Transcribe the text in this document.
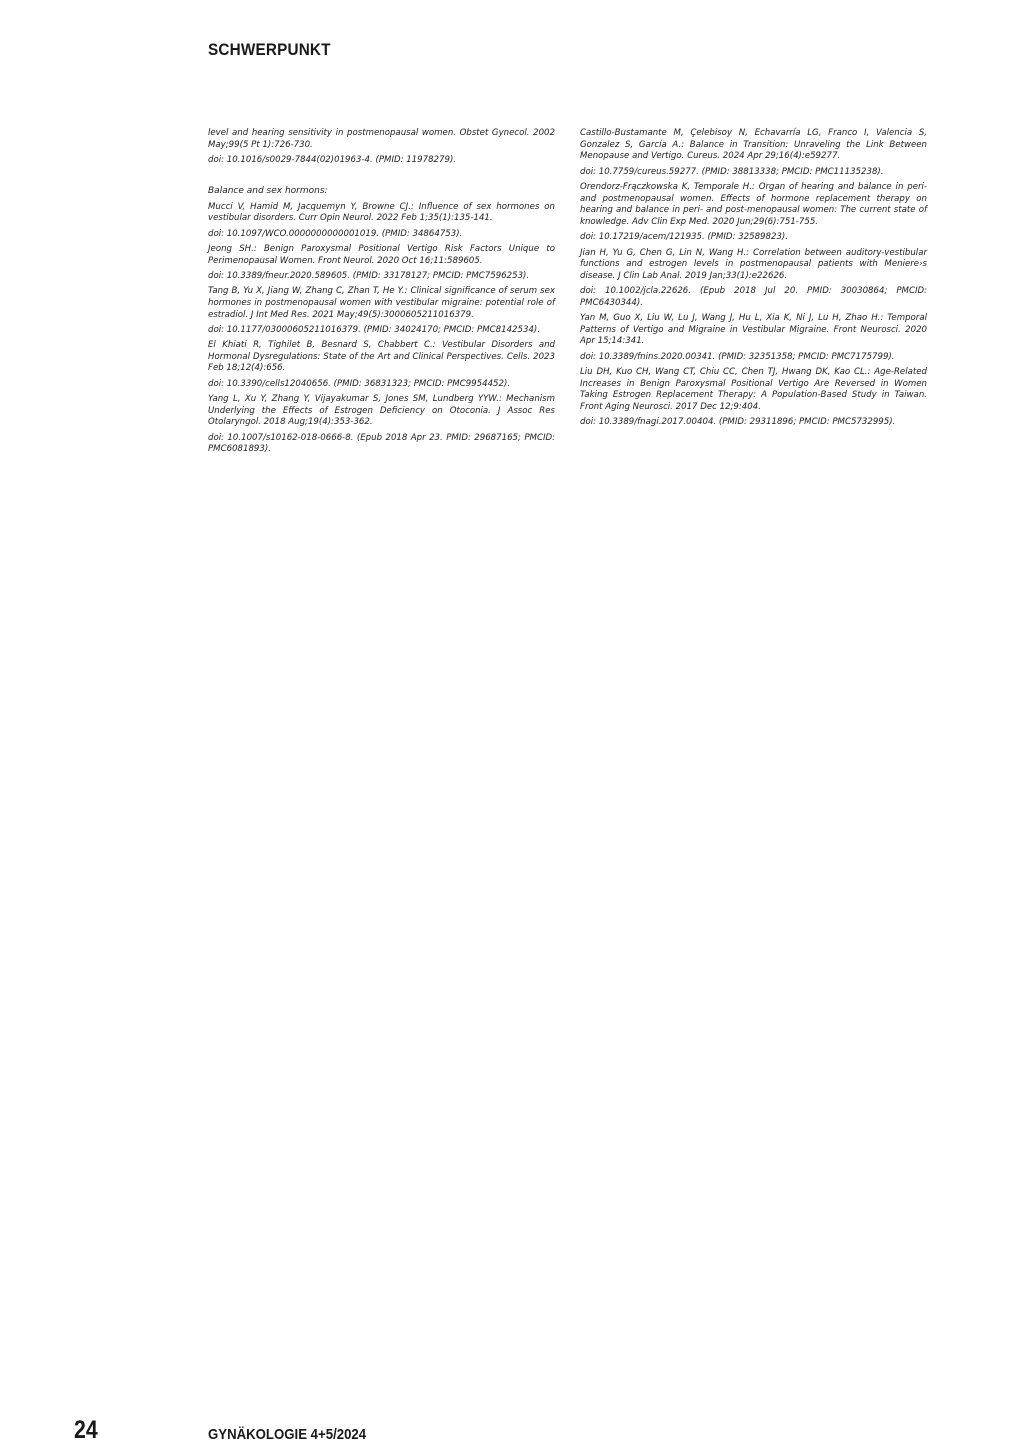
SCHWERPUNKT

level and hearing sensitivity in postmenopausal women. Obstet Gynecol. 2002 May;99(5 Pt 1):726-730.

doi: 10.1016/s0029-7844(02)01963-4. (PMID: 11978279).

Balance and sex hormons:

Mucci V, Hamid M, Jacquemyn Y, Browne CJ.: Influence of sex hormones on vestibular disorders. Curr Opin Neurol. 2022 Feb 1;35(1):135-141.

doi: 10.1097/WCO.0000000000001019. (PMID: 34864753).

Jeong SH.: Benign Paroxysmal Positional Vertigo Risk Factors Unique to Perimenopausal Women. Front Neurol. 2020 Oct 16;11:589605.

doi: 10.3389/fneur.2020.589605. (PMID: 33178127; PMCID: PMC7596253).

Tang B, Yu X, Jiang W, Zhang C, Zhan T, He Y.: Clinical significance of serum sex hormones in postmenopausal women with vestibular migraine: potential role of estradiol. J Int Med Res. 2021 May;49(5):3000605211016379.

doi: 10.1177/03000605211016379. (PMID: 34024170; PMCID: PMC8142534).

El Khiati R, Tighilet B, Besnard S, Chabbert C.: Vestibular Disorders and Hormonal Dysregulations: State of the Art and Clinical Perspectives. Cells. 2023 Feb 18;12(4):656.

doi: 10.3390/cells12040656. (PMID: 36831323; PMCID: PMC9954452).

Yang L, Xu Y, Zhang Y, Vijayakumar S, Jones SM, Lundberg YYW.: Mechanism Underlying the Effects of Estrogen Deficiency on Otoconia. J Assoc Res Otolaryngol. 2018 Aug;19(4):353-362.

doi: 10.1007/s10162-018-0666-8. (Epub 2018 Apr 23. PMID: 29687165; PMCID: PMC6081893).

Castillo-Bustamante M, Çelebisoy N, Echavarría LG, Franco I, Valencia S, Gonzalez S, García A.: Balance in Transition: Unraveling the Link Between Menopause and Vertigo. Cureus. 2024 Apr 29;16(4):e59277.

doi: 10.7759/cureus.59277. (PMID: 38813338; PMCID: PMC11135238).

Orendorz-Frączkowska K, Temporale H.: Organ of hearing and balance in peri- and postmenopausal women. Effects of hormone replacement therapy on hearing and balance in peri- and post-menopausal women: The current state of knowledge. Adv Clin Exp Med. 2020 Jun;29(6):751-755.

doi: 10.17219/acem/121935. (PMID: 32589823).

Jian H, Yu G, Chen G, Lin N, Wang H.: Correlation between auditory-vestibular functions and estrogen levels in postmenopausal patients with Meniere›s disease. J Clin Lab Anal. 2019 Jan;33(1):e22626.

doi: 10.1002/jcla.22626. (Epub 2018 Jul 20. PMID: 30030864; PMCID: PMC6430344).

Yan M, Guo X, Liu W, Lu J, Wang J, Hu L, Xia K, Ni J, Lu H, Zhao H.: Temporal Patterns of Vertigo and Migraine in Vestibular Migraine. Front Neurosci. 2020 Apr 15;14:341.

doi: 10.3389/fnins.2020.00341. (PMID: 32351358; PMCID: PMC7175799).

Liu DH, Kuo CH, Wang CT, Chiu CC, Chen TJ, Hwang DK, Kao CL.: Age-Related Increases in Benign Paroxysmal Positional Vertigo Are Reversed in Women Taking Estrogen Replacement Therapy: A Population-Based Study in Taiwan. Front Aging Neurosci. 2017 Dec 12;9:404.

doi: 10.3389/fnagi.2017.00404. (PMID: 29311896; PMCID: PMC5732995).

24	GYNÄKOLOGIE 4+5/2024
